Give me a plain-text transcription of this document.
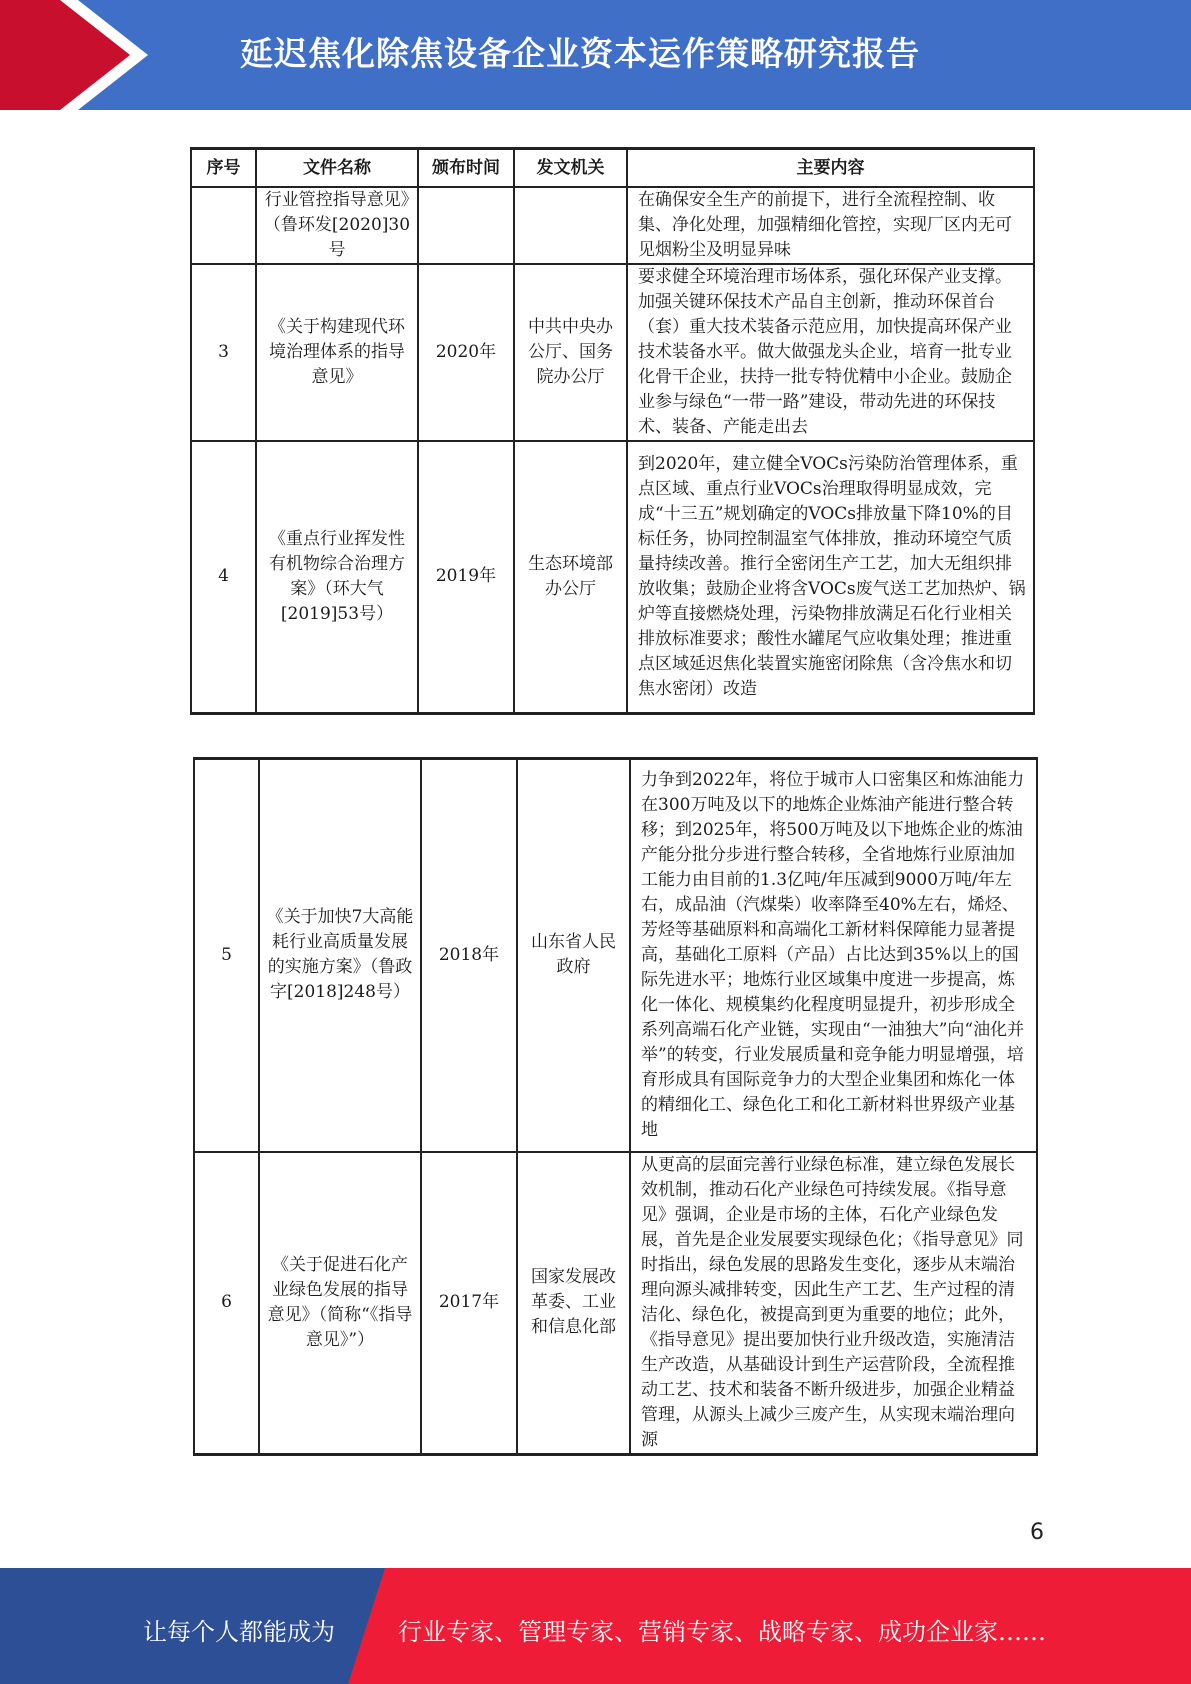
延迟焦化除焦设备企业资本运作策略研究报告
序号	文件名称	颁布时间	发文机关	主要内容
	行业管控指导意见》（鲁环发[2020]30号			在确保安全生产的前提下，进行全流程控制、收集、净化处理，加强精细化管控，实现厂区内无可见烟粉尘及明显异味
3	《关于构建现代环境治理体系的指导意见》	2020年	中共中央办公厅、国务院办公厅	要求健全环境治理市场体系，强化环保产业支撑。加强关键环保技术产品自主创新，推动环保首台（套）重大技术装备示范应用，加快提高环保产业技术装备水平。做大做强龙头企业，培育一批专业化骨干企业，扶持一批专特优精中小企业。鼓励企业参与绿色“一带一路”建设，带动先进的环保技术、装备、产能走出去
4	《重点行业挥发性有机物综合治理方案》（环大气[2019]53号）	2019年	生态环境部办公厅	到2020年，建立健全VOCs污染防治管理体系，重点区域、重点行业VOCs治理取得明显成效，完成“十三五”规划确定的VOCs排放量下降10%的目标任务，协同控制温室气体排放，推动环境空气质量持续改善。推行全密闭生产工艺，加大无组织排放收集；鼓励企业将含VOCs废气送工艺加热炉、锅炉等直接燃烧处理，污染物排放满足石化行业相关排放标准要求；酸性水罐尾气应收集处理；推进重点区域延迟焦化装置实施密闭除焦（含冷焦水和切焦水密闭）改造
5	《关于加快7大高能耗行业高质量发展的实施方案》（鲁政字[2018]248号）	2018年	山东省人民政府	力争到2022年，将位于城市人口密集区和炼油能力在300万吨及以下的地炼企业炼油产能进行整合转移；到2025年，将500万吨及以下地炼企业的炼油产能分批分步进行整合转移，全省地炼行业原油加工能力由目前的1.3亿吨/年压减到9000万吨/年左右，成品油（汽煤柴）收率降至40%左右，烯烃、芳烃等基础原料和高端化工新材料保障能力显著提高，基础化工原料（产品）占比达到35%以上的国际先进水平；地炼行业区域集中度进一步提高，炼化一体化、规模集约化程度明显提升，初步形成全系列高端石化产业链，实现由“一油独大”向“油化并举”的转变，行业发展质量和竞争能力明显增强，培育形成具有国际竞争力的大型企业集团和炼化一体的精细化工、绿色化工和化工新材料世界级产业基地
6	《关于促进石化产业绿色发展的指导意见》（简称“《指导意见》”）	2017年	国家发展改革委、工业和信息化部	从更高的层面完善行业绿色标准，建立绿色发展长效机制，推动石化产业绿色可持续发展。《指导意见》强调，企业是市场的主体，石化产业绿色发展，首先是企业发展要实现绿色化；《指导意见》同时指出，绿色发展的思路发生变化，逐步从末端治理向源头减排转变，因此生产工艺、生产过程的清洁化、绿色化，被提高到更为重要的地位；此外，《指导意见》提出要加快行业升级改造，实施清洁生产改造，从基础设计到生产运营阶段，全流程推动工艺、技术和装备不断升级进步，加强企业精益管理，从源头上减少三废产生，从实现末端治理向源
6
让每个人都能成为	行业专家、管理专家、营销专家、战略专家、成功企业家……
